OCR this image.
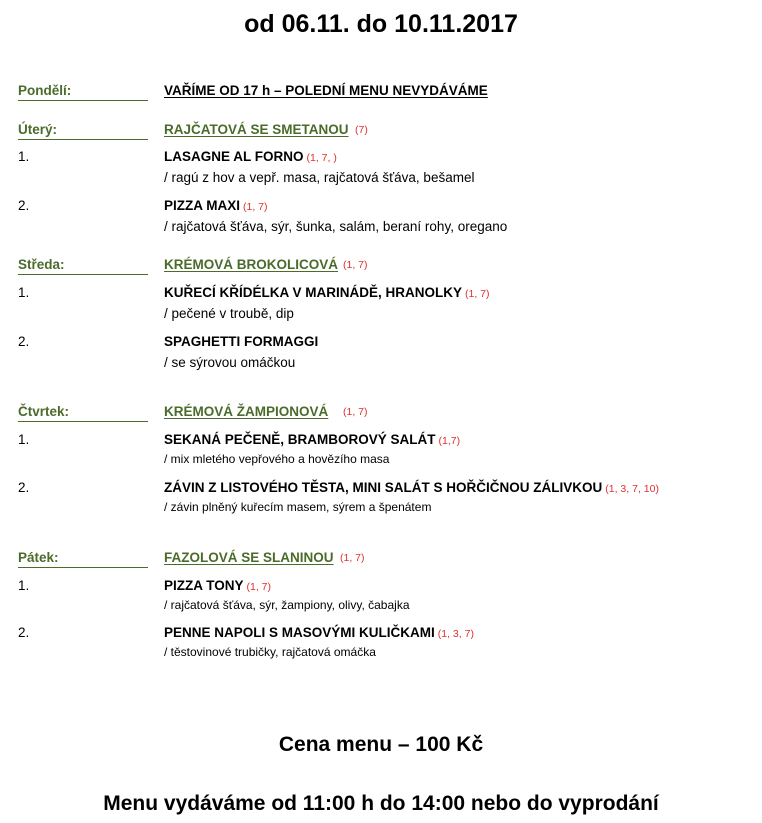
od 06.11. do 10.11.2017
Pondělí:	VAŘÍME OD 17 h – POLEDNÍ MENU NEVYDÁVÁME
Úterý:	RAJČATOVÁ SE SMETANOU (7)
1.	LASAGNE AL FORNO (1, 7, )
/ ragú z hov a vepř. masa, rajčatová šťáva, bešamel
2.	PIZZA MAXI (1, 7)
/ rajčatová šťáva, sýr, šunka, salám, beraní rohy, oregano
Středa:	KRÉMOVÁ BROKOLICOVÁ (1, 7)
1.	KUŘECÍ KŘÍDÉLKA V MARINÁDĚ, HRANOLKY (1, 7)
/ pečené v troubě, dip
2.	SPAGHETTI FORMAGGI
/ se sýrovou omáčkou
Čtvrtek:	KRÉMOVÁ ŽAMPIONOVÁ (1, 7)
1.	SEKANÁ PEČENĚ, BRAMBOROVÝ SALÁT (1,7)
/ mix mletého vepřového a hovězího masa
2.	ZÁVIN Z LISTOVÉHO TĚSTA, MINI SALÁT S HOŘČIČNOU ZÁLIVKOU (1, 3, 7, 10)
/ závin plněný kuřecím masem, sýrem a špenátem
Pátek:	FAZOLOVÁ SE SLANINOU (1, 7)
1.	PIZZA TONY (1, 7)
/ rajčatová šťáva, sýr, žampiony, olivy, čabajka
2.	PENNE NAPOLI S MASOVÝMI KULIČKAMI (1, 3, 7)
/ těstovinové trubičky, rajčatová omáčka
Cena menu – 100 Kč
Menu vydáváme od 11:00 h do 14:00 nebo do vyprodání
